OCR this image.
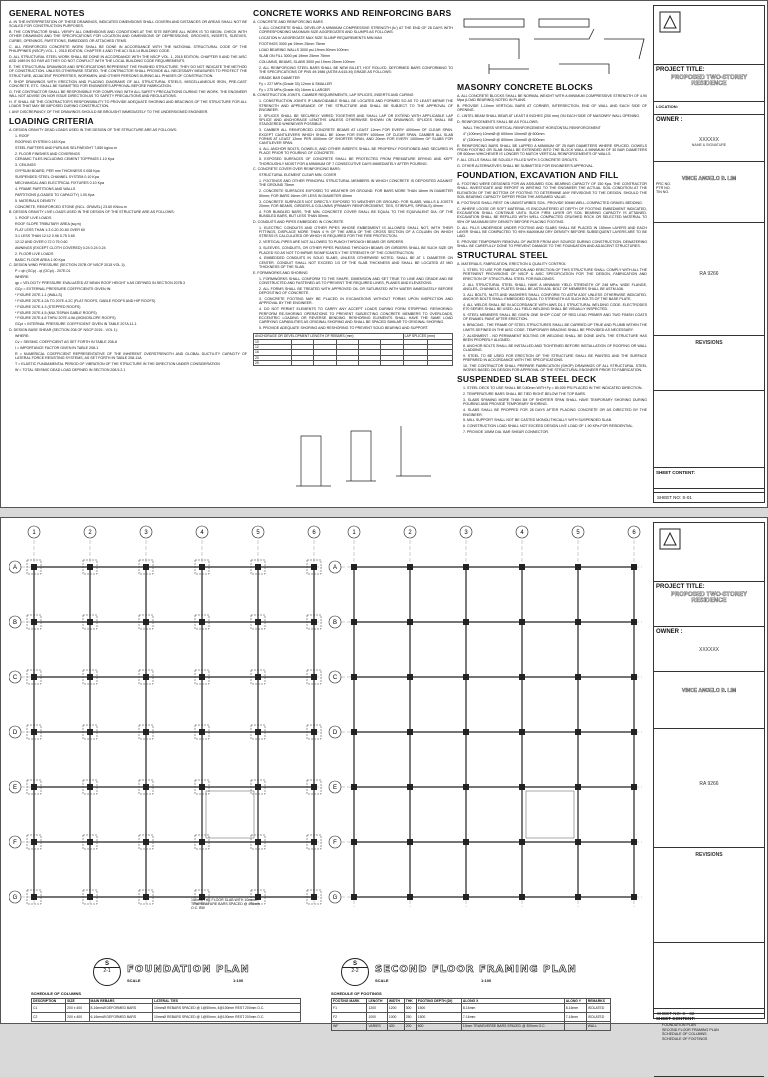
GENERAL NOTES
A. IN THE INTERPRETATION OF THESE DRAWINGS, INDICATED DIMENSIONS SHALL GOVERN AND DISTANCES OR AREAS SHALL NOT BE SCALED FOR CONSTRUCTION PURPOSES.
B. THE CONTRACTOR SHALL VERIFY ALL DIMENSIONS AND CONDITIONS AT THE SITE BEFORE ALL WORK IS TO BEGIN. CHECK WITH OTHER DRAWINGS AND THE SPECIFICATIONS FOR LOCATION AND DIMENSIONS OF DEPRESSIONS, GROOVES, INSERTS, SLEEVES, CURBS, OPENINGS, PARTITIONS, EMBEDDED OR ATTACHED ITEMS.
C. ALL REINFORCED CONCRETE WORK SHALL BE DONE IN ACCORDANCE WITH THE NATIONAL STRUCTURAL CODE OF THE PHILIPPINES (NSCP) VOL. 1, 2015 EDITION, CHAPTER 4 AND THE ACI 318-14 BUILDING CODE.
D. ALL STRUCTURAL STEEL WORK SHALL BE DONE IN ACCORDANCE WITH THE NSCP VOL. 1, 2015 EDITION, CHAPTER 5 AND THE AISC ASD 1989 IN SO FAR AS THEY DO NOT CONFLICT WITH THE LOCAL BUILDING CODE REQUIREMENTS.
E. THE STRUCTURAL DRAWINGS AND SPECIFICATIONS REPRESENT THE FINISHED STRUCTURE. THEY DO NOT INDICATE THE METHOD OF CONSTRUCTION. UNLESS OTHERWISE STATED, THE CONTRACTOR SHALL PROVIDE ALL NECESSARY MEASURES TO PROTECT THE STRUCTURE, ADJACENT PROPERTIES, WORKMEN, AND OTHER PERSONS DURING ALL PHASES OF CONSTRUCTION.
F. SHOP DRAWINGS WITH ERECTION AND PLACING DIAGRAMS OF ALL STRUCTURAL STEELS, MISCELLANEOUS IRON, PRE-CAST CONCRETE, ETC. SHALL BE SUBMITTED FOR ENGINEER'S APPROVAL BEFORE FABRICATION.
G. THE CONTRACTOR SHALL BE RESPONSIBLE FOR COMPLYING WITH ALL SAFETY PRECAUTIONS DURING THE WORK. THE ENGINEER WILL NOT ADVISE ON NOR ISSUE DIRECTION AS TO SAFETY PRECAUTIONS AND REGULATIONS.
H. IT SHALL BE THE CONTRACTOR'S RESPONSIBILITY TO PROVIDE ADEQUATE SHORING AND BRACINGS OF THE STRUCTURE FOR ALL LOADS THAT MAY BE IMPOSED DURING CONSTRUCTION.
I. ANY DISCREPANCY OF THE DRAWINGS SHOULD BE BROUGHT IMMEDIATELY TO THE UNDERSIGNED ENGINEER.
LOADING CRITERIA
A. DESIGN GRAVITY DEAD LOADS USED IN THE DESIGN OF THE STRUCTURE ARE AS FOLLOWS:
1. ROOF
ROOFING SYSTEM 0.145 Kpa
STEEL RAFTERS AND PURLINS SELFWEIGHT 7,850 kg/cu.m
2. FLOOR FINISHES AND COVERINGS
CERAMIC TILES INCLUDING CEMENT TOPPINGS 1.10 Kpa
3. CEILINGS
GYPSUM BOARD, PER mm THICKNESS 0.008 Kpa
SUSPENDED STEEL CHANNEL SYSTEM 0.10 Kpa
MECHANICAL AND ELECTRICAL FIXTURES 0.10 Kpa
4. FRAME PARTITIONS AND WALLS
PARTITIONS (LOADED TO CAPACITY) 1.00 Kpa
5. MATERIALS DENSITY
CONCRETE, REINFORCED STONE (INCL. GRAVEL) 23.60 KN/cu.m
B. DESIGN GRAVITY LIVE LOADS USED IN THE DESIGN OF THE STRUCTURE ARE AS FOLLOWS:
1. ROOF LIVE LOADS
ROOF SLOPE TRIBUTARY AREA (sq.m)
FLAT LESS THAN 1:3 0-20 20-60 OVER 60
3:1 LESS THAN 12:12 0.96 0.75 0.60
12:12 AND OVER 0.72 0.75 0.60
AWNINGS (EXCEPT CLOTH COVERED) 0.24 0.24 0.24
2. FLOOR LIVE LOADS
BASIC FLOOR AREA 1.90 Kpa
C. DESIGN WIND PRESSURE (SECTION 207B OF NSCP 2015 VOL 1):
P = qh (GCp) - qi (GCpi) - 207E-01
WHERE:
qp = VELOCITY PRESSURE EVALUATED AT MEAN ROOF HEIGHT h AS DEFINED IN SECTION 207B.3
GCp = EXTERNAL PRESSURE COEFFICIENTS GIVEN IN:
* FIGURE 207E.1-1 (WALLS)
* FIGURE 207E.4-2A TO 207E.4-2C (FLAT ROOFS, GABLE ROOFS AND HIP ROOFS)
* FIGURE 207E.4-3 (STEPPED ROOFS)
* FIGURE 207E.4-5 (MULTISPAN GABLE ROOFS)
* FIGURE 207E.4-6 THRU 207E.4-9A (MONOSLOPE ROOFS)
GCpi = INTERNAL PRESSURE COEFFICIENT GIVEN IN TABLE 207A.11-1
D. DESIGN BASE SHEAR (SECTION 208 OF NSCP 2015 - VOL 1):
WHERE:
Cv = SEISMIC COEFFICIENT AS SET FORTH IN TABLE 208-8
I = IMPORTANCE FACTOR GIVEN IN TABLE 208-1
R = NUMERICAL COEFFICIENT REPRESENTATIVE OF THE INHERENT OVERSTRENGTH AND GLOBAL DUCTILITY CAPACITY OF LATERAL FORCE RESISTING SYSTEMS, AS SET FORTH IN TABLE 208-11A
T = ELASTIC FUNDAMENTAL PERIOD OF VIBRATION OF THE STRUCTURE IN THE DIRECTION UNDER CONSIDERATION
W = TOTAL SEISMIC DEAD LOAD DEFINED IN SECTION 208.5.2.1
CONCRETE WORKS AND REINFORCING BARS
A. CONCRETE AND REINFORCING BARS
1. ALL CONCRETE SHALL DEVELOP A MINIMUM COMPRESSIVE STRENGTH (fc') AT THE END OF 28 DAYS WITH CORRESPONDING MAXIMUM SIZE AGGREGATES AND SLUMPS AS FOLLOWS:
LOCATION fc' AGGREGATE MAX SIZE SLUMP REQUIREMENTS MIN MAX
FOOTINGS 3000 psi 19mm 25mm 75mm
LOAD BEARING WALLS 3000 psi 19mm 50mm 100mm
SLAB ON FILL 3000 psi 19mm 25mm 75mm
COLUMNS, BEAMS, SLABS 3000 psi 19mm 25mm 100mm
2. ALL REINFORCING STEEL BARS SHALL BE NEW BILLET, HOT ROLLED, DEFORMED BARS CONFORMING TO THE SPECIFICATIONS OF PNS 49:1986 (ASTM A 615-M) GRADE AS FOLLOWS:
GRADE BAR DIAMETER
Fy = 227 MPa (Grade 33) 12mm & SMALLER
Fy = 275 MPa (Grade 40) 16mm & LARGER
B. CONSTRUCTION JOINTS, CAMBER REQUIREMENTS, LAP SPLICES, INSERTS AND CURING
1. CONSTRUCTION JOINTS IF UNAVOIDABLE SHALL BE LOCATED AND FORMED SO AS TO LEAST IMPAIR THE STRENGTH AND APPEARANCE OF THE STRUCTURE AND SHALL BE SUBJECT TO THE APPROVAL OF ENGINEER.
2. SPLICES SHALL BE SECURELY WIRED TOGETHER AND SHALL LAP OR EXTEND WITH APPLICABLE LAP SPLICE AND ANCHORAGE LENGTHS UNLESS OTHERWISE SHOWN ON DRAWINGS. SPLICES SHALL BE STAGGERED WHENEVER POSSIBLE.
3. CAMBER ALL REINFORCED CONCRETE BEAMS AT LEAST 12mm FOR EVERY 4000mm OF CLEAR SPAN. EXCEPT CANTILEVERS WHICH SHALL BE 10mm FOR EVERY 1000mm OF CLEAR SPAN. CAMBER ALL SLAB FORMS AT LEAST 12mm PER 4000mm OF SHORTER SPAN, AND 20mm FOR EVERY 1000mm OF SLABS FOR CANTILEVER SPAN.
4. ALL ANCHOR BOLTS, DOWELS, AND OTHER INSERTS SHALL BE PROPERLY POSITIONED AND SECURED IN PLACE PRIOR TO POURING OF CONCRETE.
5. EXPOSED SURFACES OF CONCRETE SHALL BE PROTECTED FROM PREMATURE DRYING AND KEPT THOROUGHLY MOIST FOR A MINIMUM OF 7 CONSECUTIVE DAYS IMMEDIATELY AFTER POURING.
C. CONCRETE COVER OVER REINFORCING BARS:
STRUCTURAL ELEMENT CLEAR MIN. COVER
1. FOOTINGS AND OTHER PRINCIPAL STRUCTURAL MEMBERS IN WHICH CONCRETE IS DEPOSITED AGAINST THE GROUND 75mm
2. CONCRETE SURFACES EXPOSED TO WEATHER OR GROUND: FOR BARS MORE THAN 16mm IN DIAMETER 50mm; FOR BARS 16mm OR LESS IN DIAMETER 40mm
3. CONCRETE SURFACES NOT DIRECTLY EXPOSED TO WEATHER OR GROUND: FOR SLABS, WALLS & JOISTS 20mm; FOR BEAMS, GIRDERS & COLUMNS (PRIMARY REINFORCEMENT, TIES, STIRRUPS, SPIRALS) 40mm
4. FOR BUNDLED BARS, THE MIN. CONCRETE COVER SHALL BE EQUAL TO THE EQUIVALENT DIA. OF THE BUNDLED BARS, BUT LESS THAN 50mm.
D. CONDUITS AND PIPES EMBEDDED IN CONCRETE
1. ELECTRIC CONDUITS AND OTHER PIPES WHOSE EMBEDMENT IS ALLOWED SHALL NOT, WITH THEIR FITTINGS, DISPLACE MORE THAN 4 % OF THE AREA OF THE CROSS SECTION OF A COLUMN ON WHICH STRESS IS CALCULATED OR WHICH IS REQUIRED FOR THE FIRE PROTECTION.
2. VERTICAL PIPES ARE NOT ALLOWED TO PUNCH THROUGH BEAMS OR GIRDERS.
3. SLEEVES, CONDUITS, OR OTHER PIPES PASSING THROUGH BEAMS OR GIRDERS SHALL BE SUCH SIZE OR PLACED SO AS NOT TO IMPAIR SIGNIFICANTLY THE STRENGTH OF THE CONSTRUCTION.
4. EMBEDDED CONDUITS IN SOLID SLABS, UNLESS OTHERWISE NOTED, SHALL BE AT 1 DIAMETER ON CENTER. CONDUIT SHALL NOT EXCEED 1/3 OF THE SLAB THICKNESS AND SHALL BE LOCATED AT MID THICKNESS OF THE SLAB.
E. FORMWORKS AND SHORING
1. FORMWORKS SHALL CONFORM TO THE SHAPE, DIMENSION AND SET TRUE TO LINE AND GRADE AND BE CONSTRUCTED AND FASTENED AS TO PREVENT THE REQUIRED LINES, PLANES AND ELEVATIONS.
2. ALL FORMS SHALL BE TREATED WITH APPROVED OIL OR SATURATED WITH WATER IMMEDIATELY BEFORE DEPOSITING OF CONCRETE.
3. CONCRETE FOOTING MAY BE PLACED IN EXCAVATIONS WITHOUT FORMS UPON INSPECTION AND APPROVAL BY THE ENGINEER.
4. DO NOT PERMIT ELEMENTS TO CARRY ANY ACCEPT LOADS DURING FORM STRIPPING. RESHORING: PERFORM RE-SHORING OPERATIONS TO PREVENT SUBJECTING CONCRETE MEMBERS TO OVERLOADS, ECCENTRIC LOADING OR REVERSE BENDING. RESHORING ELEMENTS SHALL HAVE THE SAME LOAD CARRYING CAPABILITIES AS ORIGINAL SHORING AND SHALL BE SPACED SIMILAR TO ORIGINAL SHORING.
5. PROVIDE ADEQUATE SHORING AND RESHORING TO PREVENT SOLID BEARING AND SUPPORT.
ANCHORAGE OR DEVELOPMENT LENGTH OF REBARS (mm)						LAP SPLICES (mm)	
10							
12							
16							
20							
25							
MASONRY CONCRETE BLOCKS
A. ALL CONCRETE BLOCKS SHALL BE NORMAL WEIGHT WITH A MINIMUM COMPRESSIVE STRENGTH OF 4.90 Mpa (LOAD BEARING) NOTED IN PLANS.
B. PROVIDE 1-10mm VERTICAL BARS AT CORNER, INTERSECTION, END OF WALL AND EACH SIDE OF OPENING.
C. LINTEL BEAM SHALL BEAR AT LEAST 8 INCHES (200 mm) ON EACH SIDE OF MASONRY WALL OPENING.
D. REINFORCEMENTS SHALL BE AS FOLLOWS:
WALL THICKNESS VERTICAL REINFORCEMENT HORIZONTAL REINFORCEMENT
4" (100mm) 10mmØ @ 600mm 10mmØ @ 600mm
6" (150mm) 10mmØ @ 600mm 10mmØ @ 600mm
E. REINFORCING BARS SHALL BE LAPPED A MINIMUM OF 25 BAR DIAMETERS WHERE SPLICED. DOWELS FROM FOOTING OR SLAB SHALL BE EXTENDED INTO THE BLOCK WALL A MINIMUM OF 30 BAR DIAMETERS OR 600mm WHICHEVER IS LONGER TO MATCH VERTICAL REINFORCEMENTS OF WALLS.
F. ALL CELLS SHALL BE SOLIDLY FILLED WITH 3 CONCRETE GROUTS.
G. OTHER ALTERNATIVES SHALL BE SUBMITTED FOR ENGINEER'S APPROVAL.
FOUNDATION, EXCAVATION AND FILL
A. FOOTING WERE DESIGNED FOR AN ASSUMED SOIL BEARING CAPACITY OF 150 Kpa. THE CONTRACTOR SHALL INVESTIGATE AND REPORT IN WRITING TO THE ENGINEER THE ACTUAL SOIL CONDITION AT THE ELEVATION OF THE BOTTOM OF FOOTING TO DETERMINE ANY REVISIONS TO THE DESIGN. SHOULD THE SOIL BEARING CAPACITY DIFFER FROM THE ASSUMED VALUE.
B. FOOTINGS SHALL REST ON UNDISTURBED SOIL. PROVIDE 50MM WELL-COMPACTED GRAVEL BEDDING.
C. WHERE LOOSE OR SOFT MATERIAL IS ENCOUNTERED AT DEPTH OF FOOTING EMBEDMENT INDICATED, EXCAVATION SHALL CONTINUE UNTIL SUCH FIRM LAYER OR SOIL BEARING CAPACITY IS ATTAINED. EXCAVATION SHALL BE REFILLED WITH WELL COMPACTED CRUSHED ROCK OR SELECTED MATERIAL TO 95% OF MAXIMUM DRY DENSITY BEFORE PLACING FOOTING.
D. ALL FILLS UNDERSIDE UNDER FOOTING AND SLABS SHALL BE PLACED IN 150mm LAYERS AND EACH LAYER SHALL BE COMPACTED TO 95% MAXIMUM DRY DENSITY BEFORE SUBSEQUENT LAYERS ARE TO BE LAID.
E. PROVIDE TEMPORARY REMOVAL OF WATER FROM ANY SOURCE DURING CONSTRUCTION. DEWATERING SHALL BE CAREFULLY DONE TO PREVENT DAMAGE TO THE FOUNDATION AND ADJACENT STRUCTURES.
STRUCTURAL STEEL
A. MATERIALS, FABRICATION, ERECTION & QUALITY CONTROL
1. STEEL TO USE FOR FABRICATION AND ERECTION OF THIS STRUCTURE SHALL COMPLY WITH ALL THE PERTINENT PROVISIONS OF NSCP & AISC SPECIFICATION FOR THE DESIGN, FABRICATION AND ERECTION OF STRUCTURAL STEEL FOR BUILDINGS.
2. ALL STRUCTURAL STEEL SHALL HAVE A MINIMUM YIELD STRENGTH OF 248 MPa. WIDE FLANGE, ANGLES, CHANNELS, PLATES SHALL BE ASTM A36. BOLT OF MEMBERS SHALL BE ASTM A36.
3. ALL BOLTS, NUTS AND WASHERS SHALL CONFORM TO ASTM A307 UNLESS OTHERWISE INDICATED. ANCHOR BOLTS SHALL EMBEDDED EQUAL TO STRENGTH AS SUCH BOLTS OF THE BASE PLATE.
4. ALL WELDS SHALL BE IN ACCORDANCE WITH AWS D1.1 STRUCTURAL WELDING CODE. ELECTRODES E70 SERIES SHALL BE USED. ALL FIELD WELDING SHALL BE VISUALLY INSPECTED.
5. STEEL MEMBERS SHALL BE GIVEN ONE SHOP COAT OF RED LEAD PRIMER AND TWO FINISH COATS OF ENAMEL PAINT AFTER ERECTION.
6. BRACING - THE FRAME OF STEEL STRUCTURES SHALL BE CARRIED UP TRUE AND PLUMB WITHIN THE LIMITS DEFINED IN THE AISC CODE. TEMPORARY BRACING SHALL BE PROVIDED AS NECESSARY.
7. ALIGNMENT - NO PERMANENT BOLTING OR WELDING SHALL BE DONE UNTIL THE STRUCTURE HAS BEEN PROPERLY ALIGNED.
8. ANCHOR BOLTS SHALL BE INSTALLED AND TIGHTENED BEFORE INSTALLATION OF ROOFING OR WALL CLADDING.
9. STEEL TO BE USED FOR ERECTION OF THE STRUCTURE SHALL BE PAINTED AND THE SURFACE PREPARED IN ACCORDANCE WITH THE SPECIFICATIONS.
10. THE CONTRACTOR SHALL PREPARE FABRICATION (SHOP) DRAWINGS OF ALL STRUCTURAL STEEL WORKS BASED ON DESIGN FOR APPROVAL OF THE STRUCTURAL ENGINEER PRIOR TO FABRICATION.
SUSPENDED SLAB STEEL DECK
1. STEEL DECK TO USE SHALL BE 0.80mm WITH Fy = 80,000 PSI PLACED IN THE INDICATED DIRECTION.
2. TEMPERATURE BARS SHALL BE TIED RIGHT BELOW THE TOP BARS.
3. SLABS SPANING MORE THAN 3M OF SHORTER SPAN SHALL HAVE TEMPORARY SHORING DURING POURING AND PROVIDE TEMPORARY SHORING.
4. SLABS SHALL BE PROPPED FOR 28 DAYS AFTER PLACING CONCRETE OR AS DIRECTED BY THE ENGINEER.
5. MILL SUPPORT SHALL NOT BE CASTED MONOLITHICALLY WITH SUSPENDED SLAB.
6. CONSTRUCTION LOAD SHALL NOT EXCEED DESIGN LIVE LOAD OF 1.90 KPa FOR RESIDENTIAL.
7. PROVIDE 10MM DIA. BAR SHEAR CONNECTOR.
PROJECT TITLE:
PROPOSED TWO-STOREY RESIDENCE
LOCATION:
OWNER :
XXXXXX
NAME & SIGNATURE
VINCE ANGELO B. LIM
PRC NO.
PTR NO.
TIN NO.
RA 9266
REVISIONS
SHEET CONTENT:
SHEET NO: S-01
1	2	3	4	5	6
A
B
C
D
E
F
G
1	2	3	4	5	6
A
B
C
D
E
F
G
S
2-1	FOUNDATION PLAN
SCALE	1:100
S
2-2	SECOND FLOOR FRAMING PLAN
SCALE	1:100
100mm THK FLOOR SLAB WITH 10mmØ TEMPERATURE BARS SPACED @ 400mm O.C. BW
SCHEDULE OF COLUMNS
DESCRIPTION	SIZE	MAIN REBARS	LATERAL TIES
C1	200 x 400	8-16mmØ DEFORMED BARS	10mmØ REBARS SPACED @ 1@50mm, 4@100mm REST 200mm O.C.
C2	200 x 400	6-16mmØ DEFORMED BARS	10mmØ REBARS SPACED @ 1@50mm, 4@100mm REST 200mm O.C.
SCHEDULE OF FOOTINGS
FOOTING MARK	LENGTH	WIDTH	THK	FOOTING DEPTH (Df)	ALONG X	ALONG Y	REMARKS
F1	1200	1200	300	1500	8-16mm	8-16mm	ISOLATED
F2	1000	1000	250	1500	7-16mm	7-16mm	ISOLATED
WF	VARIES	400	200	600	10mm TRANSVERSE BARS SPACED @ 300mm O.C.		WALL
PROJECT TITLE:
PROPOSED TWO-STOREY RESIDENCE
OWNER :
XXXXXX
VINCE ANGELO B. LIM
RA 9266
REVISIONS
SHEET CONTENT:
FOUNDATION PLAN
SECOND FLOOR FRAMING PLAN
SCHEDULE OF COLUMNS
SCHEDULE OF FOOTINGS
SHEET NO: S - 02
